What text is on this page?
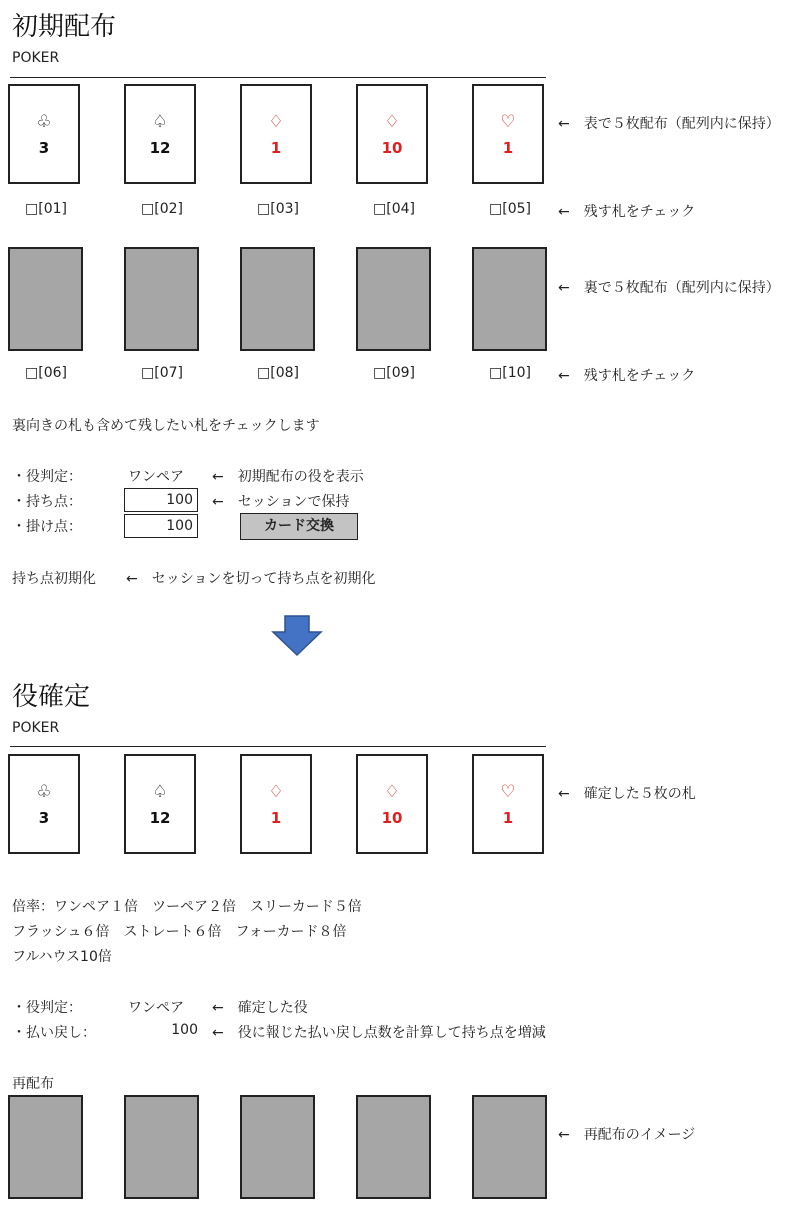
初期配布
POKER
♧
3
♤
12
♢
1
♢
10
♡
1
←　表で５枚配布（配列内に保持）
□[01]	□[02]	□[03]	□[04]	□[05]	←　残す札をチェック
←　裏で５枚配布（配列内に保持）
□[06]	□[07]	□[08]	□[09]	□[10]	←　残す札をチェック
裏向きの札も含めて残したい札をチェックします
・役判定：	ワンペア ←　初期配布の役を表示
・持ち点：	100	←　セッションで保持
・掛け点：	100	カード交換
持ち点初期化 ←　セッションを切って持ち点を初期化
役確定
POKER
♧
3
♤
12
♢
1
♢
10
♡
1
←　確定した５枚の札
倍率：ワンペア１倍　ツーペア２倍　スリーカード５倍
フラッシュ６倍　ストレート６倍　フォーカード８倍
フルハウス10倍
・役判定：	ワンペア ←　確定した役
・払い戻し：	100 ←　役に報じた払い戻し点数を計算して持ち点を増減
再配布
←　再配布のイメージ
